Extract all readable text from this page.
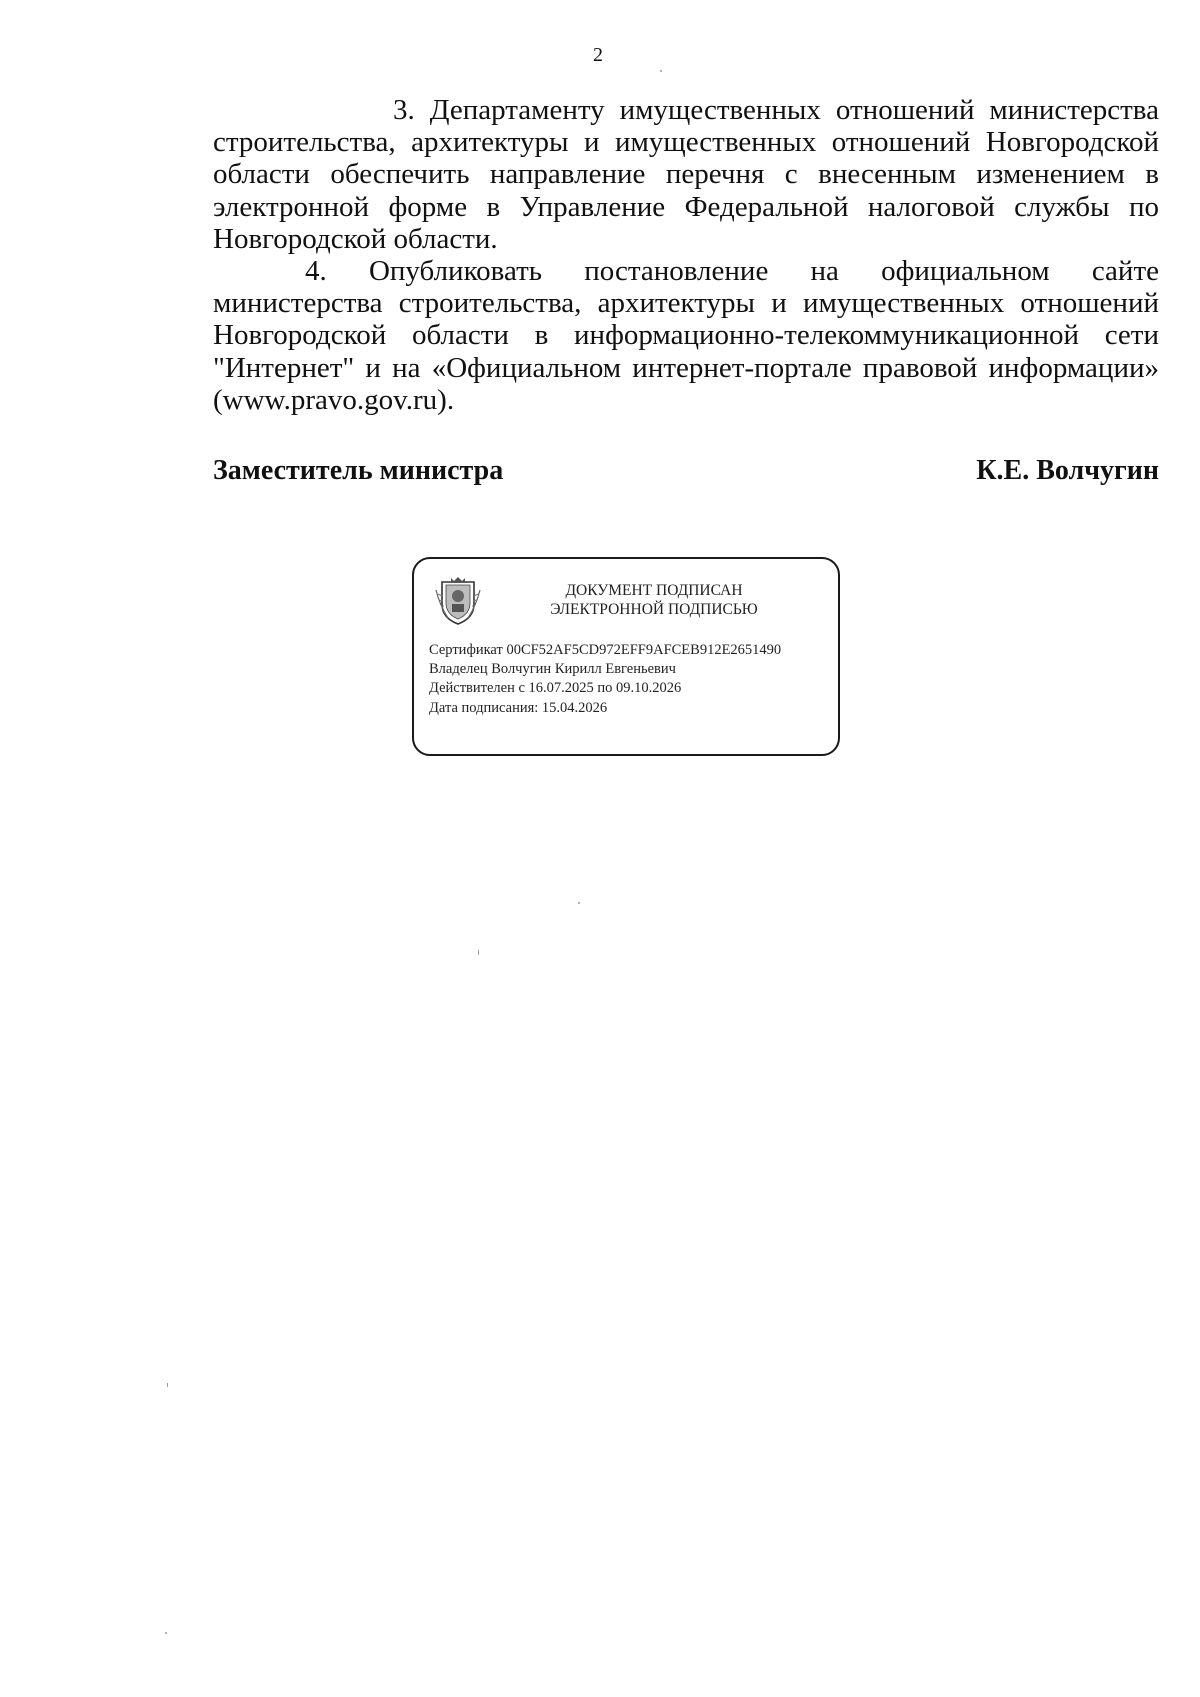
2

3. Департаменту имущественных отношений министерства строительства, архитектуры и имущественных отношений Новгородской области обеспечить направление перечня с внесенным изменением в электронной форме в Управление Федеральной налоговой службы по Новгородской области.

4. Опубликовать постановление на официальном сайте министерства строительства, архитектуры и имущественных отношений Новгородской области в информационно-телекоммуникационной сети "Интернет" и на «Официальном интернет-портале правовой информации» (www.pravo.gov.ru).

Заместитель министра	К.Е. Волчугин
ДОКУМЕНТ ПОДПИСАН
ЭЛЕКТРОННОЙ ПОДПИСЬЮ
Сертификат 00CF52AF5CD972EFF9AFCEB912E2651490
Владелец Волчугин Кирилл Евгеньевич
Действителен с 16.07.2025 по 09.10.2026
Дата подписания: 15.04.2026
